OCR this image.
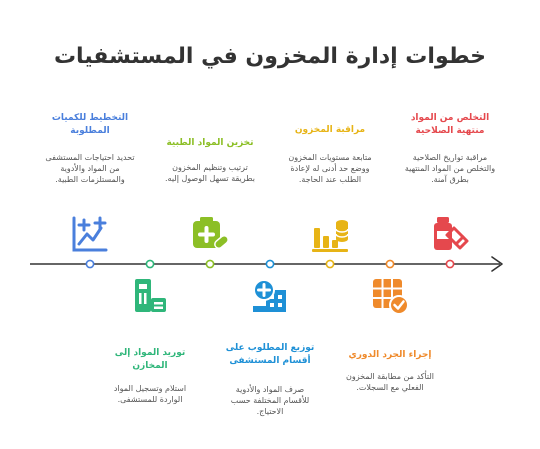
خطوات إدارة المخزون في المستشفيات
التخطيط للكميات المطلوبة
تحديد احتياجات المستشفى من المواد والأدوية والمستلزمات الطبية.
توريد المواد إلى المخازن
استلام وتسجيل المواد الواردة للمستشفى.
تخزين المواد الطبية
ترتيب وتنظيم المخزون بطريقة تسهل الوصول إليه.
توزيع المطلوب على أقسام المستشفى
صرف المواد والأدوية للأقسام المختلفة حسب الاحتياج.
مراقبة المخزون
متابعة مستويات المخزون ووضع حد أدنى له لإعادة الطلب عند الحاجة.
إجراء الجرد الدوري
التأكد من مطابقة المخزون الفعلي مع السجلات.
التخلص من المواد منتهية الصلاحية
مراقبة تواريخ الصلاحية والتخلص من المواد المنتهية بطرق آمنة.
